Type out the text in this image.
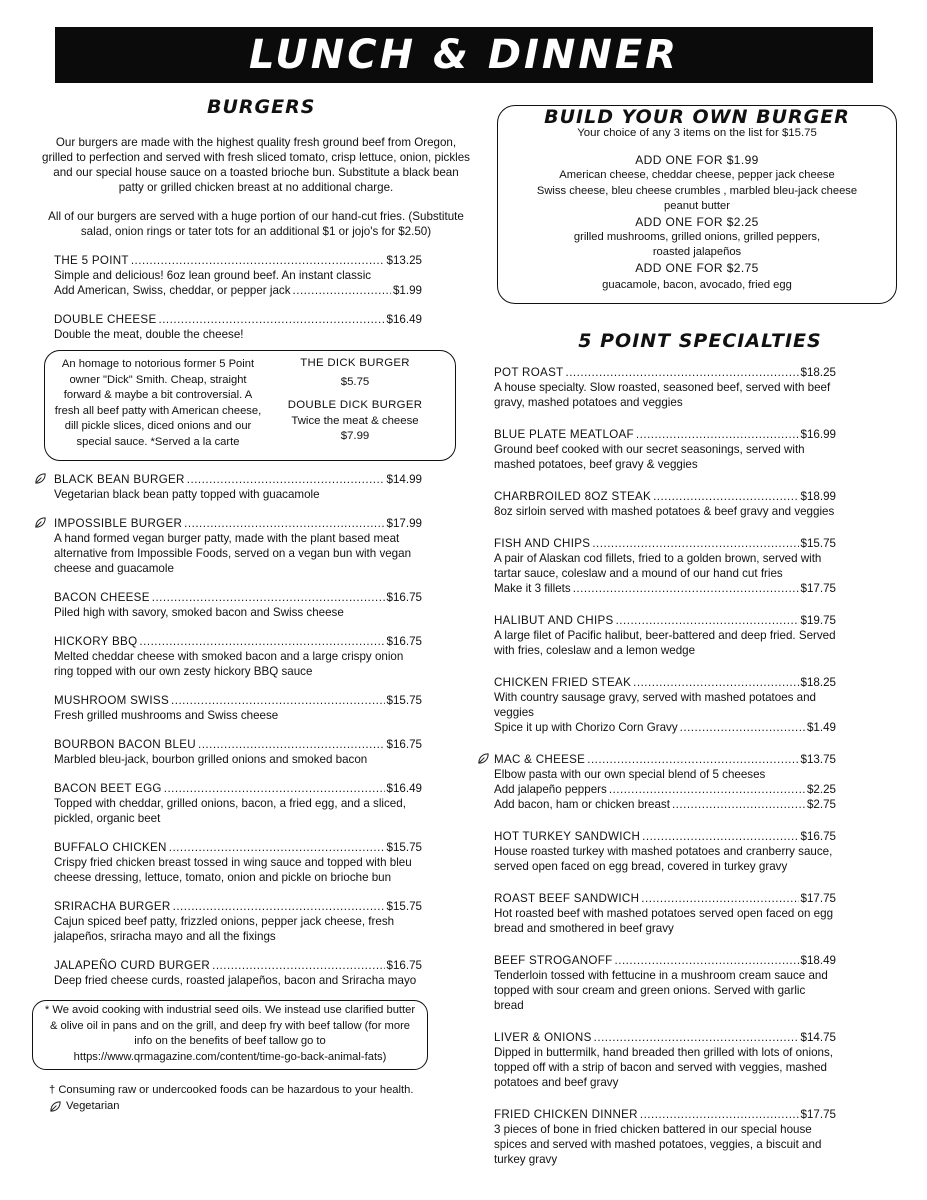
LUNCH & DINNER
BURGERS

Our burgers are made with the highest quality fresh ground beef from Oregon, grilled to perfection and served with fresh sliced tomato, crisp lettuce, onion, pickles and our special house sauce on a toasted brioche bun. Substitute a black bean patty or grilled chicken breast at no additional charge.

All of our burgers are served with a huge portion of our hand-cut fries. (Substitute salad, onion rings or tater tots for an additional $1 or jojo's for $2.50)

THE 5 POINT .....	$13.25
Simple and delicious! 6oz lean ground beef. An instant classic
Add American, Swiss, cheddar, or pepper jack .....	$1.99
DOUBLE CHEESE .....	$16.49
Double the meat, double the cheese!
An homage to notorious former 5 Point owner "Dick" Smith. Cheap, straight forward & maybe a bit controversial. A fresh all beef patty with American cheese, dill pickle slices, diced onions and our special sauce. *Served a la carte
THE DICK BURGER
$5.75
DOUBLE DICK BURGER
Twice the meat & cheese
$7.99
BLACK BEAN BURGER .....	$14.99
Vegetarian black bean patty topped with guacamole
IMPOSSIBLE BURGER .....	$17.99
A hand formed vegan burger patty, made with the plant based meat alternative from Impossible Foods, served on a vegan bun with vegan cheese and guacamole
BACON CHEESE .....	$16.75
Piled high with savory, smoked bacon and Swiss cheese
HICKORY BBQ .....	$16.75
Melted cheddar cheese with smoked bacon and a large crispy onion ring topped with our own zesty hickory BBQ sauce
MUSHROOM SWISS .....	$15.75
Fresh grilled mushrooms and Swiss cheese
BOURBON BACON BLEU .....	$16.75
Marbled bleu-jack, bourbon grilled onions and smoked bacon
BACON BEET EGG .....	$16.49
Topped with cheddar, grilled onions, bacon, a fried egg, and a sliced, pickled, organic beet
BUFFALO CHICKEN .....	$15.75
Crispy fried chicken breast tossed in wing sauce and topped with bleu cheese dressing, lettuce, tomato, onion and pickle on brioche bun
SRIRACHA BURGER .....	$15.75
Cajun spiced beef patty, frizzled onions, pepper jack cheese, fresh jalapeños, sriracha mayo and all the fixings
JALAPEÑO CURD BURGER .....	$16.75
Deep fried cheese curds, roasted jalapeños, bacon and Sriracha mayo
* We avoid cooking with industrial seed oils. We instead use clarified butter & olive oil in pans and on the grill, and deep fry with beef tallow (for more info on the benefits of beef tallow go to https://www.qrmagazine.com/content/time-go-back-animal-fats)
† Consuming raw or undercooked foods can be hazardous to your health.
Vegetarian
BUILD YOUR OWN BURGER
Your choice of any 3 items on the list for $15.75
ADD ONE FOR $1.99
American cheese, cheddar cheese, pepper jack cheese
Swiss cheese, bleu cheese crumbles , marbled bleu-jack cheese
peanut butter
ADD ONE FOR $2.25
grilled mushrooms, grilled onions, grilled peppers,
roasted jalapeños
ADD ONE FOR $2.75
guacamole, bacon, avocado, fried egg
5 POINT SPECIALTIES
POT ROAST .....	$18.25
A house specialty. Slow roasted, seasoned beef, served with beef gravy, mashed potatoes and veggies
BLUE PLATE MEATLOAF .....	$16.99
Ground beef cooked with our secret seasonings, served with mashed potatoes, beef gravy & veggies
CHARBROILED 8OZ STEAK .....	$18.99
8oz sirloin served with mashed potatoes & beef gravy and veggies
FISH AND CHIPS .....	$15.75
A pair of Alaskan cod fillets, fried to a golden brown, served with tartar sauce, coleslaw and a mound of our hand cut fries
Make it 3 fillets .....	$17.75
HALIBUT AND CHIPS .....	$19.75
A large filet of Pacific halibut, beer-battered and deep fried. Served with fries, coleslaw and a lemon wedge
CHICKEN FRIED STEAK .....	$18.25
With country sausage gravy, served with mashed potatoes and veggies
Spice it up with Chorizo Corn Gravy .....	$1.49
MAC & CHEESE .....	$13.75
Elbow pasta with our own special blend of 5 cheeses
Add jalapeño peppers .....	$2.25
Add bacon, ham or chicken breast .....	$2.75
HOT TURKEY SANDWICH .....	$16.75
House roasted turkey with mashed potatoes and cranberry sauce, served open faced on egg bread, covered in turkey gravy
ROAST BEEF SANDWICH .....	$17.75
Hot roasted beef with mashed potatoes served open faced on egg bread and smothered in beef gravy
BEEF STROGANOFF .....	$18.49
Tenderloin tossed with fettucine in a mushroom cream sauce and topped with sour cream and green onions. Served with garlic bread
LIVER & ONIONS .....	$14.75
Dipped in buttermilk, hand breaded then grilled with lots of onions, topped off with a strip of bacon and served with veggies, mashed potatoes and beef gravy
FRIED CHICKEN DINNER .....	$17.75
3 pieces of bone in fried chicken battered in our special house spices and served with mashed potatoes, veggies, a biscuit and turkey gravy
